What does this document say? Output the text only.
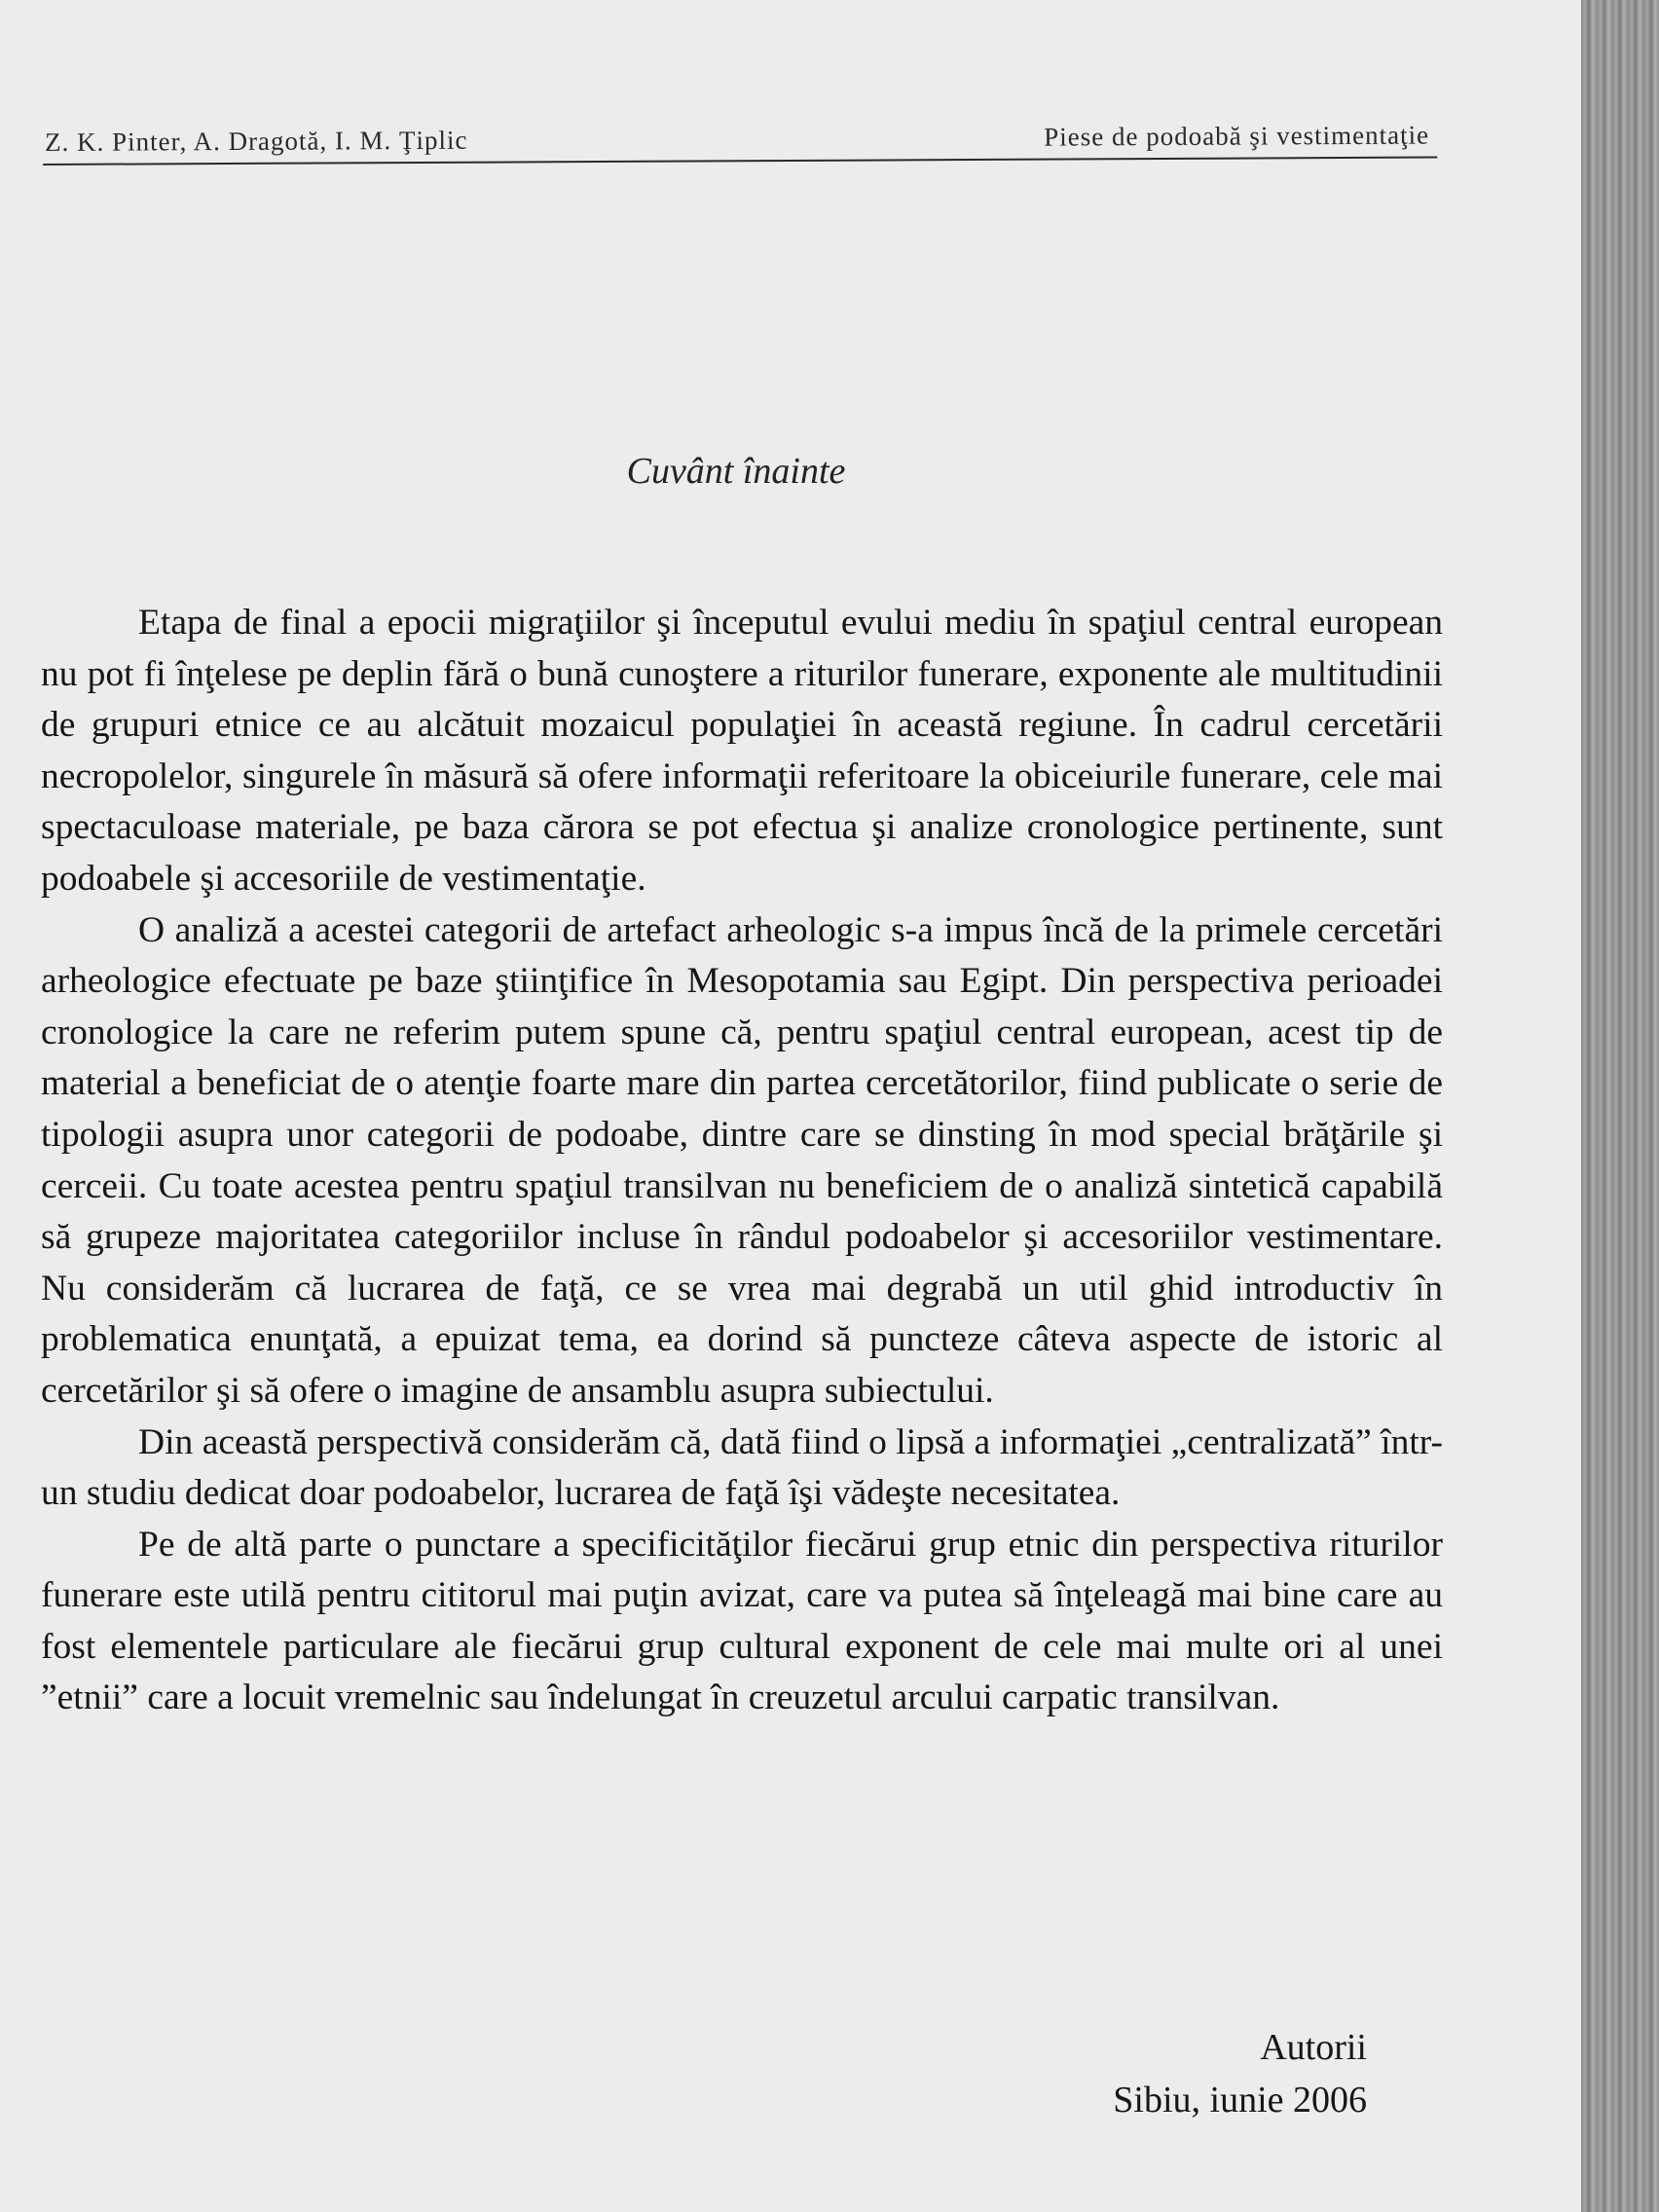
Z. K. Pinter, A. Dragotă, I. M. Ţiplic	Piese de podoabă şi vestimentaţie
Cuvânt înainte

Etapa de final a epocii migraţiilor şi începutul evului mediu în spaţiul central european nu pot fi înţelese pe deplin fără o bună cunoştere a riturilor funerare, exponente ale multitudinii de grupuri etnice ce au alcătuit mozaicul populaţiei în această regiune. În cadrul cercetării necropolelor, singurele în măsură să ofere informaţii referitoare la obiceiurile funerare, cele mai spectaculoase materiale, pe baza cărora se pot efectua şi analize cronologice pertinente, sunt podoabele şi accesoriile de vestimentaţie.

O analiză a acestei categorii de artefact arheologic s-a impus încă de la primele cercetări arheologice efectuate pe baze ştiinţifice în Mesopotamia sau Egipt. Din perspectiva perioadei cronologice la care ne referim putem spune că, pentru spaţiul central european, acest tip de material a beneficiat de o atenţie foarte mare din partea cercetătorilor, fiind publicate o serie de tipologii asupra unor categorii de podoabe, dintre care se dinsting în mod special brăţările şi cerceii. Cu toate acestea pentru spaţiul transilvan nu beneficiem de o analiză sintetică capabilă să grupeze majoritatea categoriilor incluse în rândul podoabelor şi accesoriilor vestimentare. Nu considerăm că lucrarea de faţă, ce se vrea mai degrabă un util ghid introductiv în problematica enunţată, a epuizat tema, ea dorind să puncteze câteva aspecte de istoric al cercetărilor şi să ofere o imagine de ansamblu asupra subiectului.

Din această perspectivă considerăm că, dată fiind o lipsă a informaţiei „centralizată” într-un studiu dedicat doar podoabelor, lucrarea de faţă îşi vădeşte necesitatea.

Pe de altă parte o punctare a specificităţilor fiecărui grup etnic din perspectiva riturilor funerare este utilă pentru cititorul mai puţin avizat, care va putea să înţeleagă mai bine care au fost elementele particulare ale fiecărui grup cultural exponent de cele mai multe ori al unei ”etnii” care a locuit vremelnic sau îndelungat în creuzetul arcului carpatic transilvan.

Autorii
Sibiu, iunie 2006
